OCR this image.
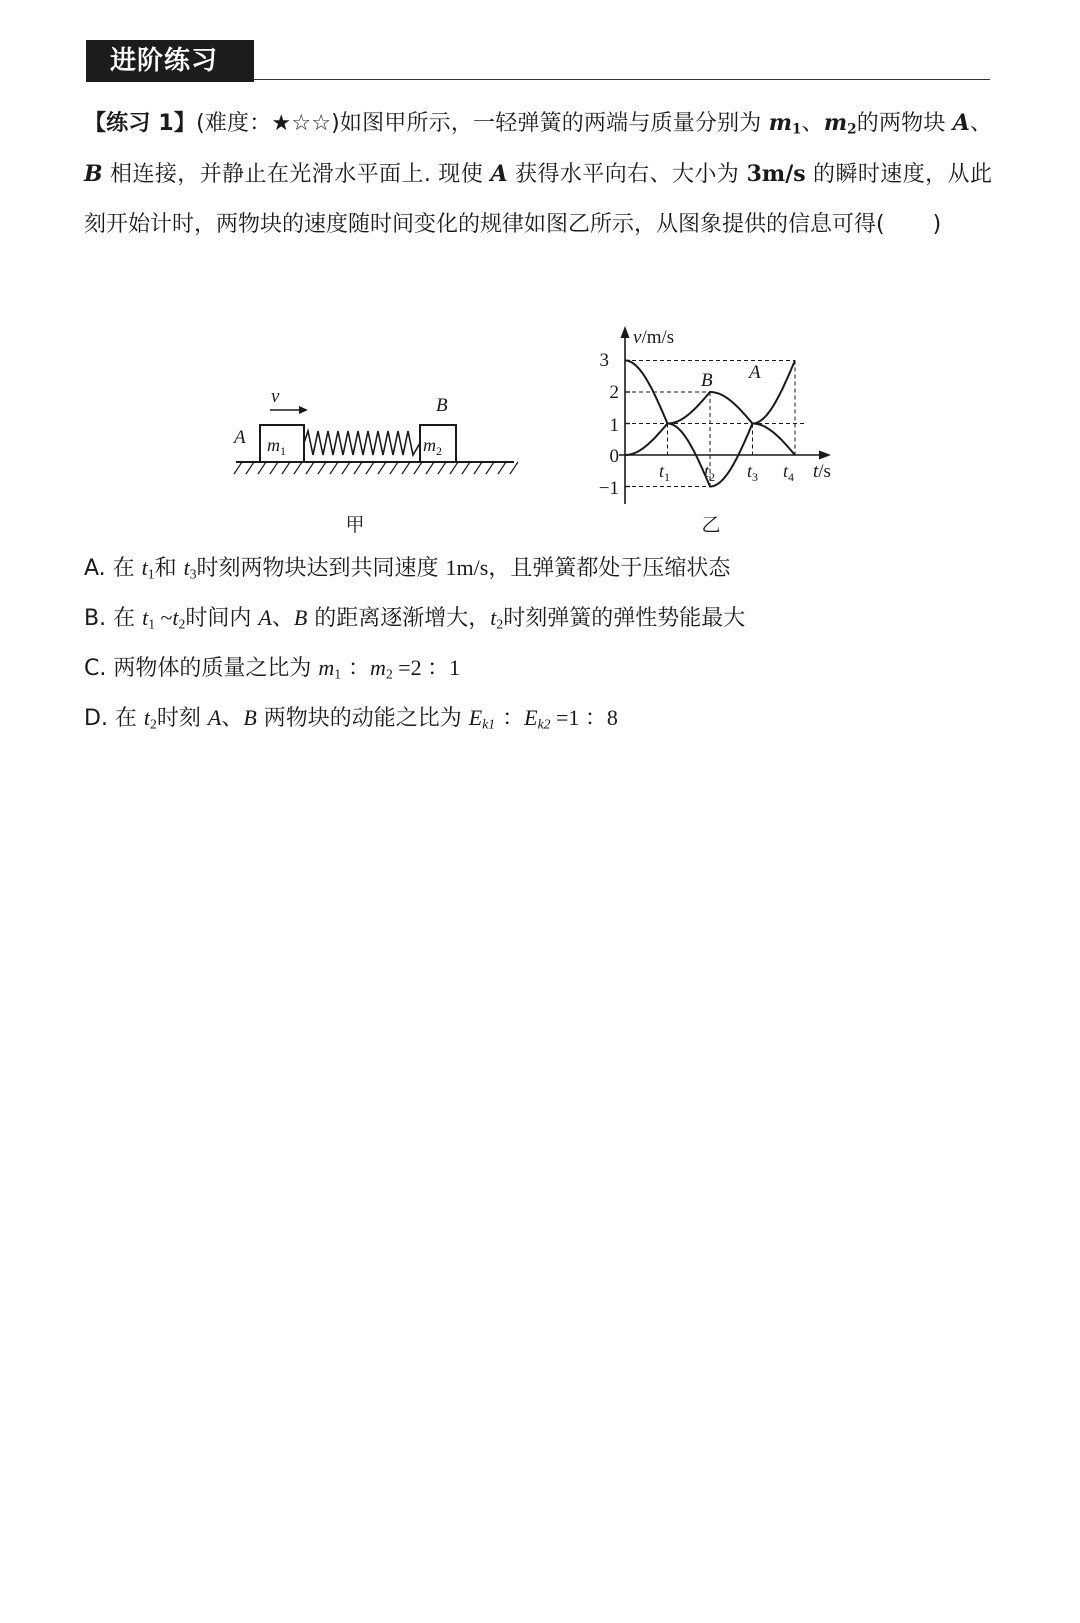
进阶练习
【练习 1】(难度：★☆☆)如图甲所示，一轻弹簧的两端与质量分别为 $m_1$、$m_2$的两物块 A、B 相连接，并静止在光滑水平面上. 现使 A 获得水平向右、大小为 3m/s 的瞬时速度，从此刻开始计时，两物块的速度随时间变化的规律如图乙所示，从图象提供的信息可得( )
v
A
B
$m_1$	$m_2$
甲
v/m/s
t/s
3
2
1
0
−1
$t_1$ $t_2$ $t_3$ $t_4$
B A
乙
A. 在 $t_1$和 $t_3$时刻两物块达到共同速度 1m/s，且弹簧都处于压缩状态
B. 在 $t_1$ $\sim t_2$时间内 A、B 的距离逐渐增大，$t_2$时刻弹簧的弹性势能最大
C. 两物体的质量之比为 $m_1$ ：$m_2 =2$ ：1
D. 在 $t_2$时刻 A、B 两物块的动能之比为 $E_{k1}$ ：$E_{k2} =1$ ：8
